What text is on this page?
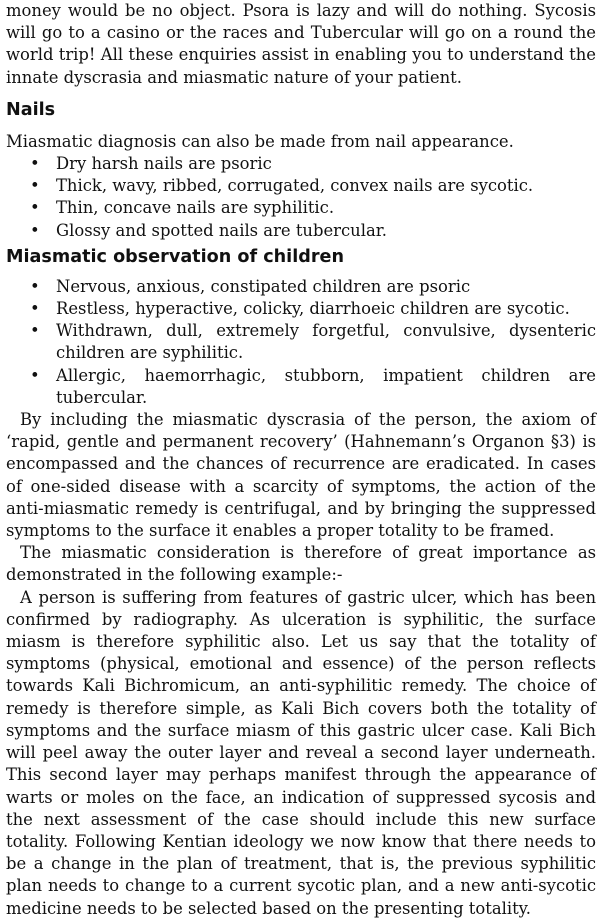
money would be no object. Psora is lazy and will do nothing. Sycosis will go to a casino or the races and Tubercular will go on a round the world trip! All these enquiries assist in enabling you to understand the innate dyscrasia and miasmatic nature of your patient.

Nails

Miasmatic diagnosis can also be made from nail appearance.

• Dry harsh nails are psoric
• Thick, wavy, ribbed, corrugated, convex nails are sycotic.
• Thin, concave nails are syphilitic.
• Glossy and spotted nails are tubercular.
Miasmatic observation of children
• Nervous, anxious, constipated children are psoric
• Restless, hyperactive, colicky, diarrhoeic children are sycotic.
• Withdrawn, dull, extremely forgetful, convulsive, dysenteric children are syphilitic.
• Allergic, haemorrhagic, stubborn, impatient children are tubercular.

By including the miasmatic dyscrasia of the person, the axiom of ‘rapid, gentle and permanent recovery’ (Hahnemann’s Organon §3) is encompassed and the chances of recurrence are eradicated. In cases of one-sided disease with a scarcity of symptoms, the action of the anti-miasmatic remedy is centrifugal, and by bringing the suppressed symptoms to the surface it enables a proper totality to be framed.

The miasmatic consideration is therefore of great importance as demonstrated in the following example:-

A person is suffering from features of gastric ulcer, which has been confirmed by radiography. As ulceration is syphilitic, the surface miasm is therefore syphilitic also. Let us say that the totality of symptoms (physical, emotional and essence) of the person reflects towards Kali Bichromicum, an anti-syphilitic remedy. The choice of remedy is therefore simple, as Kali Bich covers both the totality of symptoms and the surface miasm of this gastric ulcer case. Kali Bich will peel away the outer layer and reveal a second layer underneath. This second layer may perhaps manifest through the appearance of warts or moles on the face, an indication of suppressed sycosis and the next assessment of the case should include this new surface totality. Following Kentian ideology we now know that there needs to be a change in the plan of treatment, that is, the previous syphilitic plan needs to change to a current sycotic plan, and a new anti-sycotic medicine needs to be selected based on the presenting totality.
